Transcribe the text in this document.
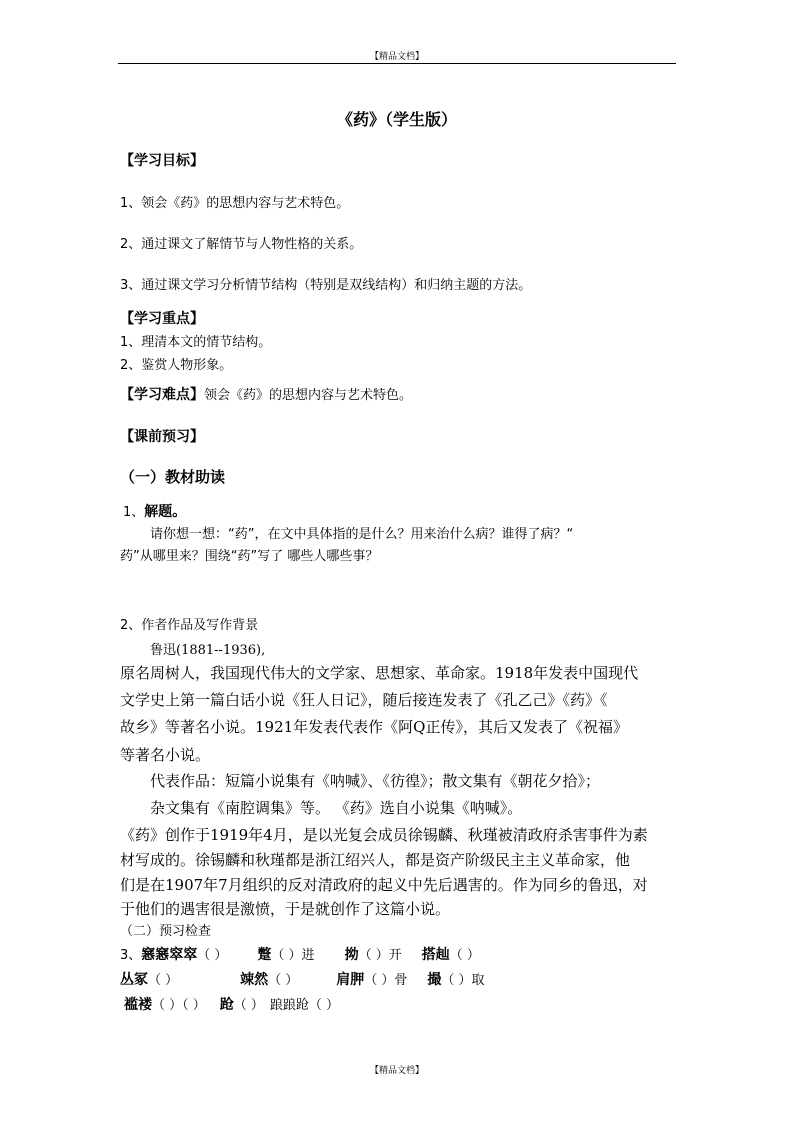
【精品文档】
《药》（学生版）
【学习目标】
1、领会《药》的思想内容与艺术特色。
2、通过课文了解情节与人物性格的关系。
3、通过课文学习分析情节结构（特别是双线结构）和归纳主题的方法。
【学习重点】
1、理清本文的情节结构。
2、鉴赏人物形象。
【学习难点】领会《药》的思想内容与艺术特色。
【课前预习】
（一）教材助读
1、解题。
请你想一想：“药”，在文中具体指的是什么？用来治什么病？谁得了病？“
药”从哪里来？围绕“药”写了 哪些人哪些事？
2、作者作品及写作背景
鲁迅(1881--1936),
原名周树人，我国现代伟大的文学家、思想家、革命家。1918年发表中国现代
文学史上第一篇白话小说《狂人日记》，随后接连发表了《孔乙己》《药》《
故乡》等著名小说。1921年发表代表作《阿Q正传》，其后又发表了《祝福》
等著名小说。
代表作品：短篇小说集有《呐喊》、《彷徨》；散文集有《朝花夕拾》；
杂文集有《南腔调集》等。 《药》选自小说集《呐喊》。
《药》创作于1919年4月，是以光复会成员徐锡麟、秋瑾被清政府杀害事件为素
材写成的。徐锡麟和秋瑾都是浙江绍兴人，都是资产阶级民主主义革命家，他
们是在1907年7月组织的反对清政府的起义中先后遇害的。作为同乡的鲁迅，对
于他们的遇害很是激愤，于是就创作了这篇小说。
（二）预习检查
3、窸窸窣窣（ ） 蹩（ ）进 拗（ ）开 搭赸（ ）
丛冢（ ）	竦然（ ）	肩胛（ ）骨 撮（ ）取
褴褛（ ）（ ） 跄（ ） 踉踉跄（ ）
【精品文档】
